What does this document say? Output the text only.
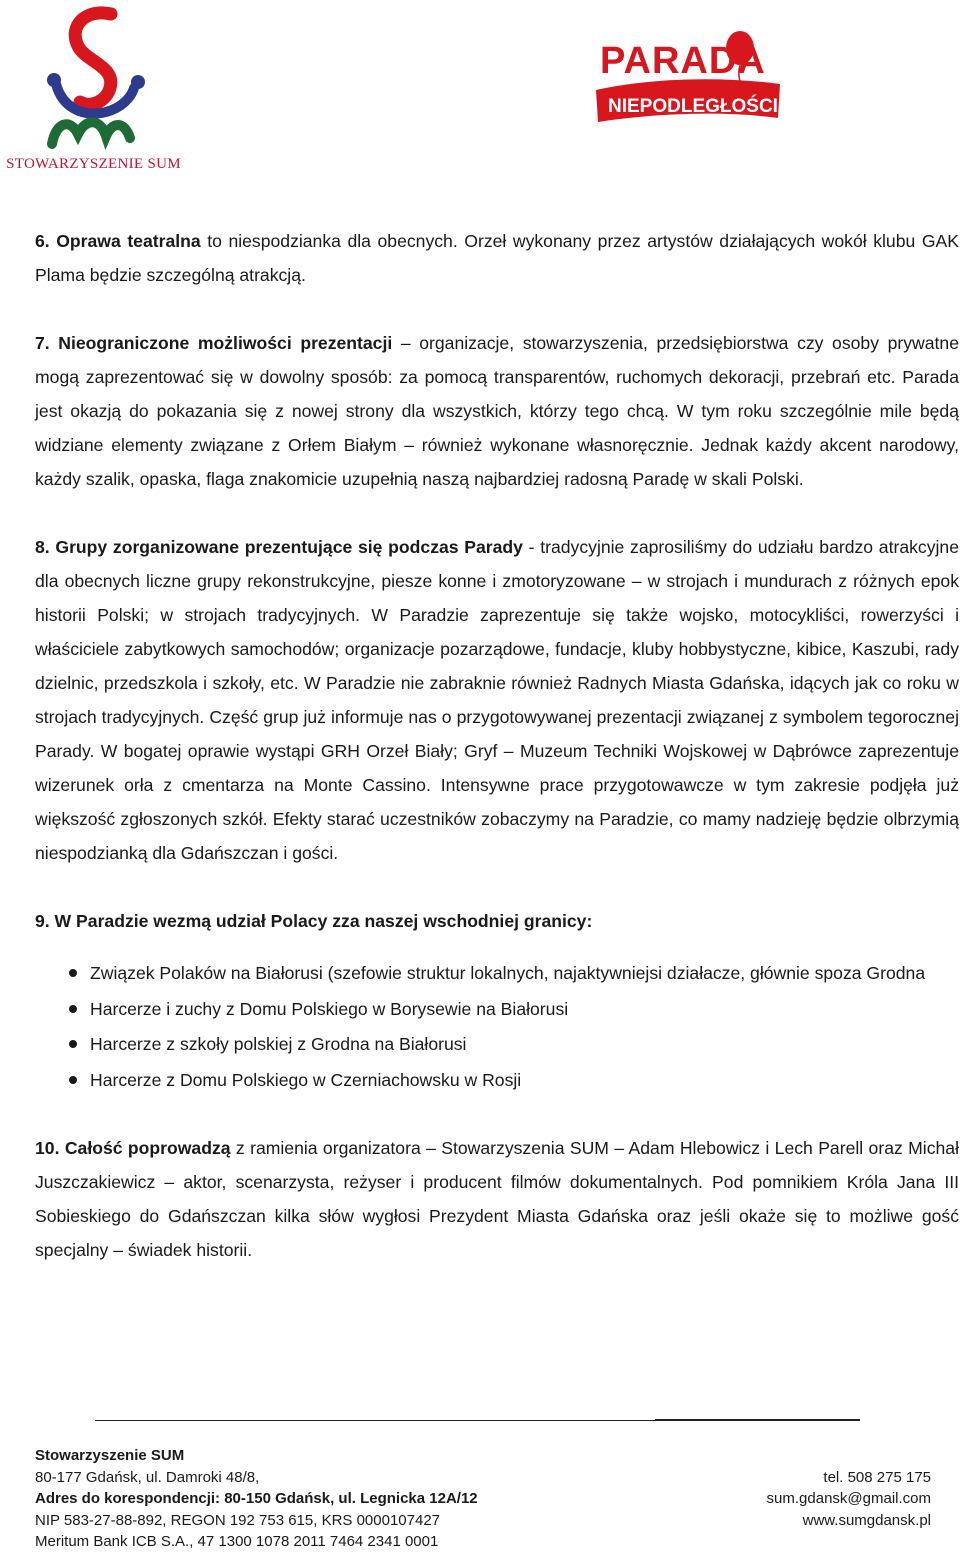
STOWARZYSZENIE SUM
PARADA
NIEPODLEGŁOŚCI

6. Oprawa teatralna to niespodzianka dla obecnych. Orzeł wykonany przez artystów działających wokół klubu GAK Plama będzie szczególną atrakcją.

7. Nieograniczone możliwości prezentacji – organizacje, stowarzyszenia, przedsiębiorstwa czy osoby prywatne mogą zaprezentować się w dowolny sposób: za pomocą transparentów, ruchomych dekoracji, przebrań etc. Parada jest okazją do pokazania się z nowej strony dla wszystkich, którzy tego chcą. W tym roku szczególnie mile będą widziane elementy związane z Orłem Białym – również wykonane własnoręcznie. Jednak każdy akcent narodowy, każdy szalik, opaska, flaga znakomicie uzupełnią naszą najbardziej radosną Paradę w skali Polski.

8. Grupy zorganizowane prezentujące się podczas Parady - tradycyjnie zaprosiliśmy do udziału bardzo atrakcyjne dla obecnych liczne grupy rekonstrukcyjne, piesze konne i zmotoryzowane – w strojach i mundurach z różnych epok historii Polski; w strojach tradycyjnych. W Paradzie zaprezentuje się także wojsko, motocykliści, rowerzyści i właściciele zabytkowych samochodów; organizacje pozarządowe, fundacje, kluby hobbystyczne, kibice, Kaszubi, rady dzielnic, przedszkola i szkoły, etc. W Paradzie nie zabraknie również Radnych Miasta Gdańska, idących jak co roku w strojach tradycyjnych. Część grup już informuje nas o przygotowywanej prezentacji związanej z symbolem tegorocznej Parady. W bogatej oprawie wystąpi GRH Orzeł Biały; Gryf – Muzeum Techniki Wojskowej w Dąbrówce zaprezentuje wizerunek orła z cmentarza na Monte Cassino. Intensywne prace przygotowawcze w tym zakresie podjęła już większość zgłoszonych szkół. Efekty starać uczestników zobaczymy na Paradzie, co mamy nadzieję będzie olbrzymią niespodzianką dla Gdańszczan i gości.

9. W Paradzie wezmą udział Polacy zza naszej wschodniej granicy:

Związek Polaków na Białorusi (szefowie struktur lokalnych, najaktywniejsi działacze, głównie spoza Grodna
Harcerze i zuchy z Domu Polskiego w Borysewie na Białorusi
Harcerze z szkoły polskiej z Grodna na Białorusi
Harcerze z Domu Polskiego w Czerniachowsku w Rosji

10. Całość poprowadzą z ramienia organizatora – Stowarzyszenia SUM – Adam Hlebowicz i Lech Parell oraz Michał Juszczakiewicz – aktor, scenarzysta, reżyser i producent filmów dokumentalnych. Pod pomnikiem Króla Jana III Sobieskiego do Gdańszczan kilka słów wygłosi Prezydent Miasta Gdańska oraz jeśli okaże się to możliwe gość specjalny – świadek historii.

Stowarzyszenie SUM
80-177 Gdańsk, ul. Damroki 48/8,	tel. 508 275 175
Adres do korespondencji: 80-150 Gdańsk, ul. Legnicka 12A/12	sum.gdansk@gmail.com
NIP 583-27-88-892, REGON 192 753 615, KRS 0000107427	www.sumgdansk.pl
Meritum Bank ICB S.A., 47 1300 1078 2011 7464 2341 0001
